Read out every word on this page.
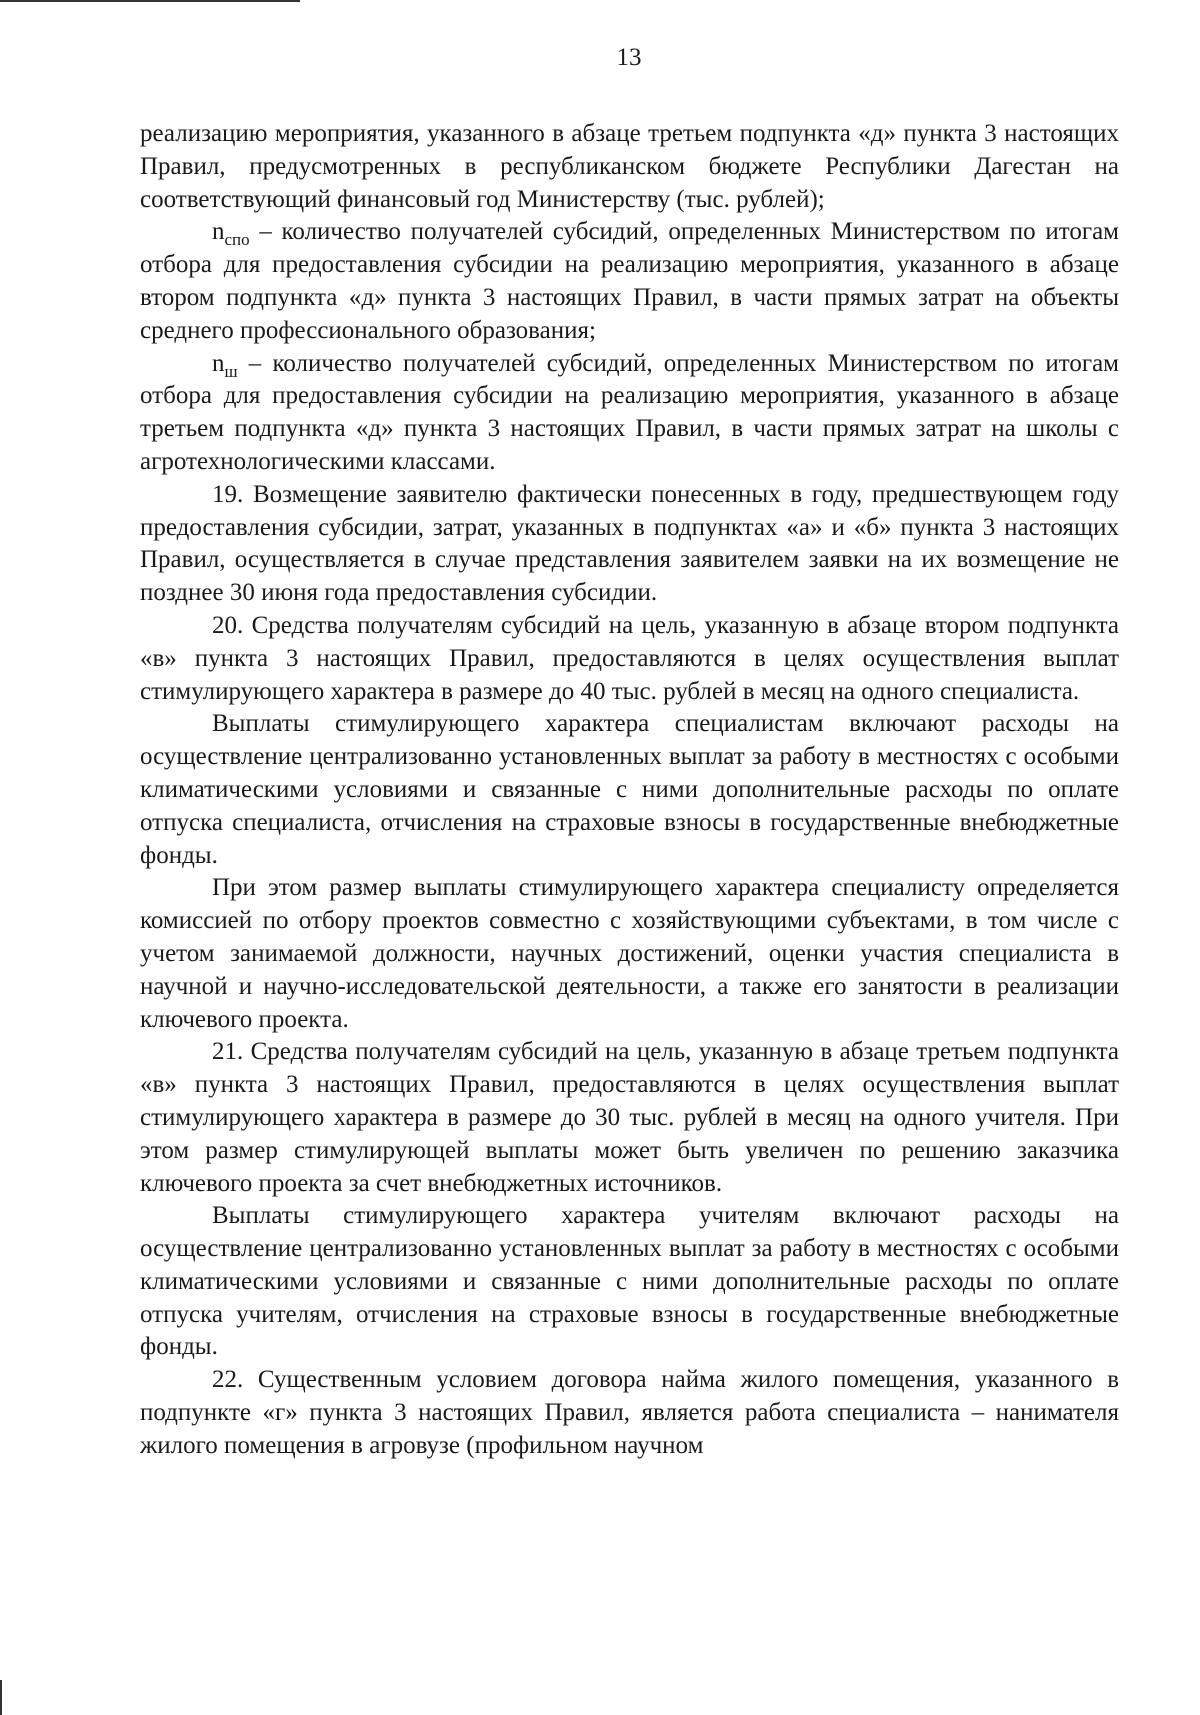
13

реализацию мероприятия, указанного в абзаце третьем подпункта «д» пункта 3 настоящих Правил, предусмотренных в республиканском бюджете Республики Дагестан на соответствующий финансовый год Министерству (тыс. рублей);

$n_{спо}$ – количество получателей субсидий, определенных Министерством по итогам отбора для предоставления субсидии на реализацию мероприятия, указанного в абзаце втором подпункта «д» пункта 3 настоящих Правил, в части прямых затрат на объекты среднего профессионального образования;

$n_ш$ – количество получателей субсидий, определенных Министерством по итогам отбора для предоставления субсидии на реализацию мероприятия, указанного в абзаце третьем подпункта «д» пункта 3 настоящих Правил, в части прямых затрат на школы с агротехнологическими классами.

19. Возмещение заявителю фактически понесенных в году, предшествующем году предоставления субсидии, затрат, указанных в подпунктах «а» и «б» пункта 3 настоящих Правил, осуществляется в случае представления заявителем заявки на их возмещение не позднее 30 июня года предоставления субсидии.

20. Средства получателям субсидий на цель, указанную в абзаце втором подпункта «в» пункта 3 настоящих Правил, предоставляются в целях осуществления выплат стимулирующего характера в размере до 40 тыс. рублей в месяц на одного специалиста.

Выплаты стимулирующего характера специалистам включают расходы на осуществление централизованно установленных выплат за работу в местностях с особыми климатическими условиями и связанные с ними дополнительные расходы по оплате отпуска специалиста, отчисления на страховые взносы в государственные внебюджетные фонды.

При этом размер выплаты стимулирующего характера специалисту определяется комиссией по отбору проектов совместно с хозяйствующими субъектами, в том числе с учетом занимаемой должности, научных достижений, оценки участия специалиста в научной и научно-исследовательской деятельности, а также его занятости в реализации ключевого проекта.

21. Средства получателям субсидий на цель, указанную в абзаце третьем подпункта «в» пункта 3 настоящих Правил, предоставляются в целях осуществления выплат стимулирующего характера в размере до 30 тыс. рублей в месяц на одного учителя. При этом размер стимулирующей выплаты может быть увеличен по решению заказчика ключевого проекта за счет внебюджетных источников.

Выплаты стимулирующего характера учителям включают расходы на осуществление централизованно установленных выплат за работу в местностях с особыми климатическими условиями и связанные с ними дополнительные расходы по оплате отпуска учителям, отчисления на страховые взносы в государственные внебюджетные фонды.

22. Существенным условием договора найма жилого помещения, указанного в подпункте «г» пункта 3 настоящих Правил, является работа специалиста – нанимателя жилого помещения в агровузе (профильном научном
